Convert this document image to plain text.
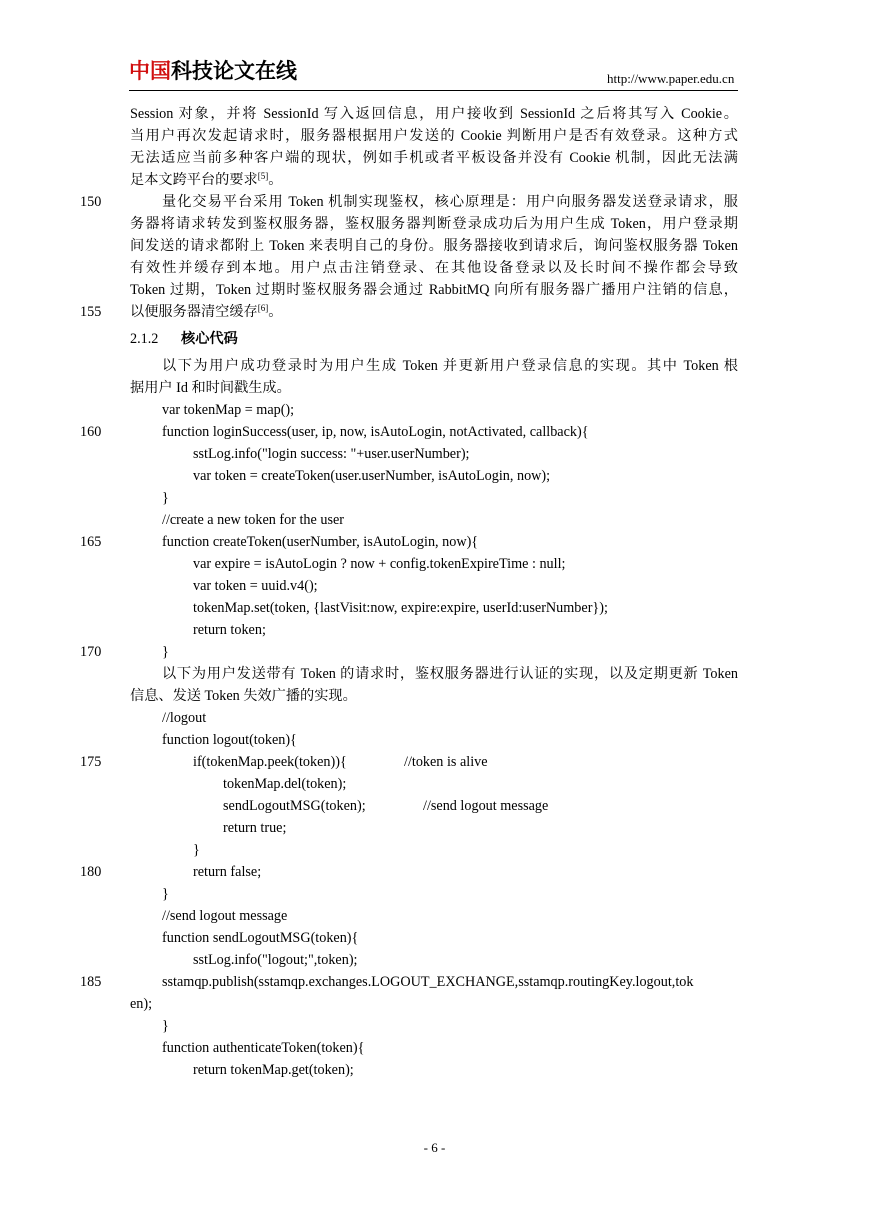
中国科技论文在线	http://www.paper.edu.cn
Session 对象，并将 SessionId 写入返回信息，用户接收到 SessionId 之后将其写入 Cookie。
当用户再次发起请求时，服务器根据用户发送的 Cookie 判断用户是否有效登录。这种方式
无法适应当前多种客户端的现状，例如手机或者平板设备并没有 Cookie 机制，因此无法满
足本文跨平台的要求[5]。
150	量化交易平台采用 Token 机制实现鉴权，核心原理是：用户向服务器发送登录请求，服
务器将请求转发到鉴权服务器，鉴权服务器判断登录成功后为用户生成 Token，用户登录期
间发送的请求都附上 Token 来表明自己的身份。服务器接收到请求后，询问鉴权服务器 Token
有效性并缓存到本地。用户点击注销登录、在其他设备登录以及长时间不操作都会导致
Token 过期，Token 过期时鉴权服务器会通过 RabbitMQ 向所有服务器广播用户注销的信息，
155 以便服务器清空缓存[6]。
2.1.2 核心代码
以下为用户成功登录时为用户生成 Token 并更新用户登录信息的实现。其中 Token 根
据用户 Id 和时间戳生成。
var tokenMap = map();
160	function loginSuccess(user, ip, now, isAutoLogin, notActivated, callback){
sstLog.info("login success: "+user.userNumber);
var token = createToken(user.userNumber, isAutoLogin, now);
}
//create a new token for the user
165	function createToken(userNumber, isAutoLogin, now){
var expire = isAutoLogin ? now + config.tokenExpireTime : null;
var token = uuid.v4();
tokenMap.set(token, {lastVisit:now, expire:expire, userId:userNumber});
return token;
170	}
以下为用户发送带有 Token 的请求时，鉴权服务器进行认证的实现，以及定期更新 Token
信息、发送 Token 失效广播的实现。
//logout
function logout(token){
175	if(tokenMap.peek(token)){	//token is alive
tokenMap.del(token);
sendLogoutMSG(token);	//send logout message
return true;
}
180	return false;
}
//send logout message
function sendLogoutMSG(token){
sstLog.info("logout;",token);
185	sstamqp.publish(sstamqp.exchanges.LOGOUT_EXCHANGE,sstamqp.routingKey.logout,tok
en);
}
function authenticateToken(token){
return tokenMap.get(token);
- 6 -
